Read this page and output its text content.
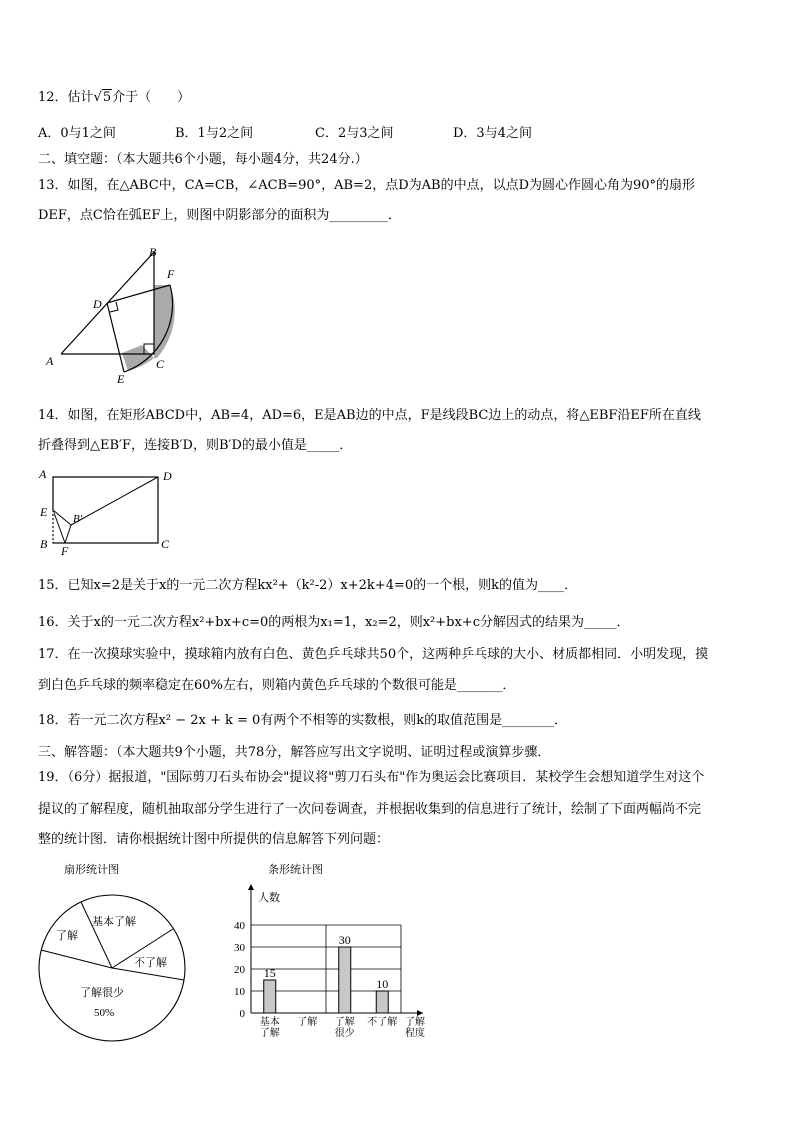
12．估计√5介于（　　）
A．0与1之间	B．1与2之间	C．2与3之间	D．3与4之间
二、填空题：（本大题共6个小题，每小题4分，共24分.）
13．如图，在△ABC中，CA=CB，∠ACB=90°，AB=2，点D为AB的中点，以点D为圆心作圆心角为90°的扇形
DEF，点C恰在弧EF上，则图中阴影部分的面积为_________．
A
B
C
D
E
F
14．如图，在矩形ABCD中，AB=4，AD=6，E是AB边的中点，F是线段BC边上的动点，将△EBF沿EF所在直线
折叠得到△EB′F，连接B′D，则B′D的最小值是_____．
A	D
E B′
B F	C
15．已知x=2是关于x的一元二次方程kx²+（k²-2）x+2k+4=0的一个根，则k的值为____．
16．关于x的一元二次方程x²+bx+c=0的两根为x₁=1，x₂=2，则x²+bx+c分解因式的结果为_____．
17．在一次摸球实验中，摸球箱内放有白色、黄色乒乓球共50个，这两种乒乓球的大小、材质都相同．小明发现，摸
到白色乒乓球的频率稳定在60%左右，则箱内黄色乒乓球的个数很可能是_______．
18．若一元二次方程x² − 2x + k = 0有两个不相等的实数根，则k的取值范围是________．
三、解答题：（本大题共9个小题，共78分，解答应写出文字说明、证明过程或演算步骤．
19．（6分）据报道，"国际剪刀石头布协会"提议将"剪刀石头布"作为奥运会比赛项目．某校学生会想知道学生对这个
提议的了解程度，随机抽取部分学生进行了一次问卷调查，并根据收集到的信息进行了统计，绘制了下面两幅尚不完
整的统计图．请你根据统计图中所提供的信息解答下列问题：
扇形统计图
基本了解
了解
不了解
了解很少
50%
条形统计图
人数
0
10
20
30
40
15
基本
了解
了解
30
了解
很少
10
不了解 了解
程度
